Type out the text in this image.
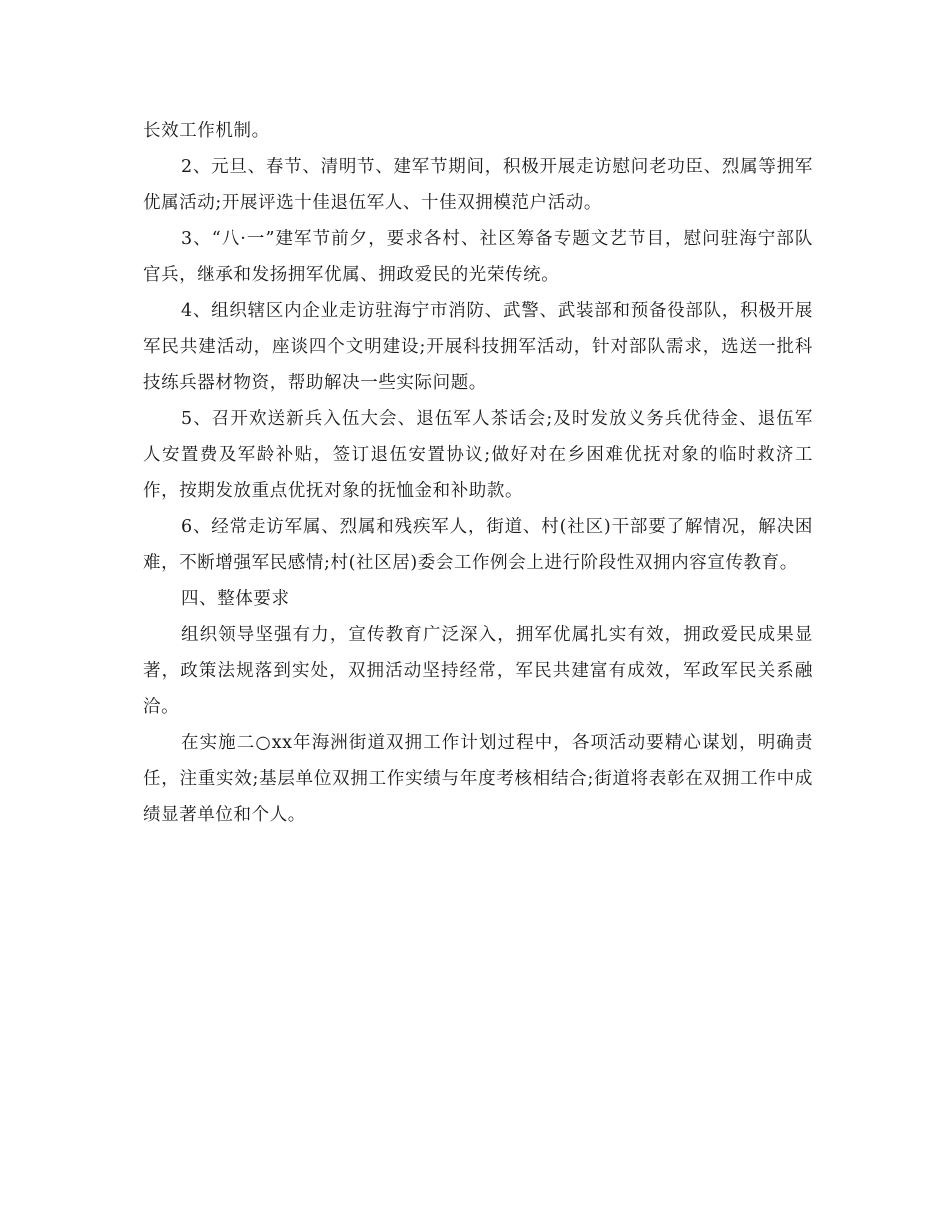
长效工作机制。

2、元旦、春节、清明节、建军节期间，积极开展走访慰问老功臣、烈属等拥军优属活动;开展评选十佳退伍军人、十佳双拥模范户活动。

3、“八·一”建军节前夕，要求各村、社区筹备专题文艺节目，慰问驻海宁部队官兵，继承和发扬拥军优属、拥政爱民的光荣传统。

4、组织辖区内企业走访驻海宁市消防、武警、武装部和预备役部队，积极开展军民共建活动，座谈四个文明建设;开展科技拥军活动，针对部队需求，选送一批科技练兵器材物资，帮助解决一些实际问题。

5、召开欢送新兵入伍大会、退伍军人茶话会;及时发放义务兵优待金、退伍军人安置费及军龄补贴，签订退伍安置协议;做好对在乡困难优抚对象的临时救济工作，按期发放重点优抚对象的抚恤金和补助款。

6、经常走访军属、烈属和残疾军人，街道、村(社区)干部要了解情况，解决困难，不断增强军民感情;村(社区居)委会工作例会上进行阶段性双拥内容宣传教育。

四、整体要求

组织领导坚强有力，宣传教育广泛深入，拥军优属扎实有效，拥政爱民成果显著，政策法规落到实处，双拥活动坚持经常，军民共建富有成效，军政军民关系融洽。

在实施二○xx年海洲街道双拥工作计划过程中，各项活动要精心谋划，明确责任，注重实效;基层单位双拥工作实绩与年度考核相结合;街道将表彰在双拥工作中成绩显著单位和个人。
